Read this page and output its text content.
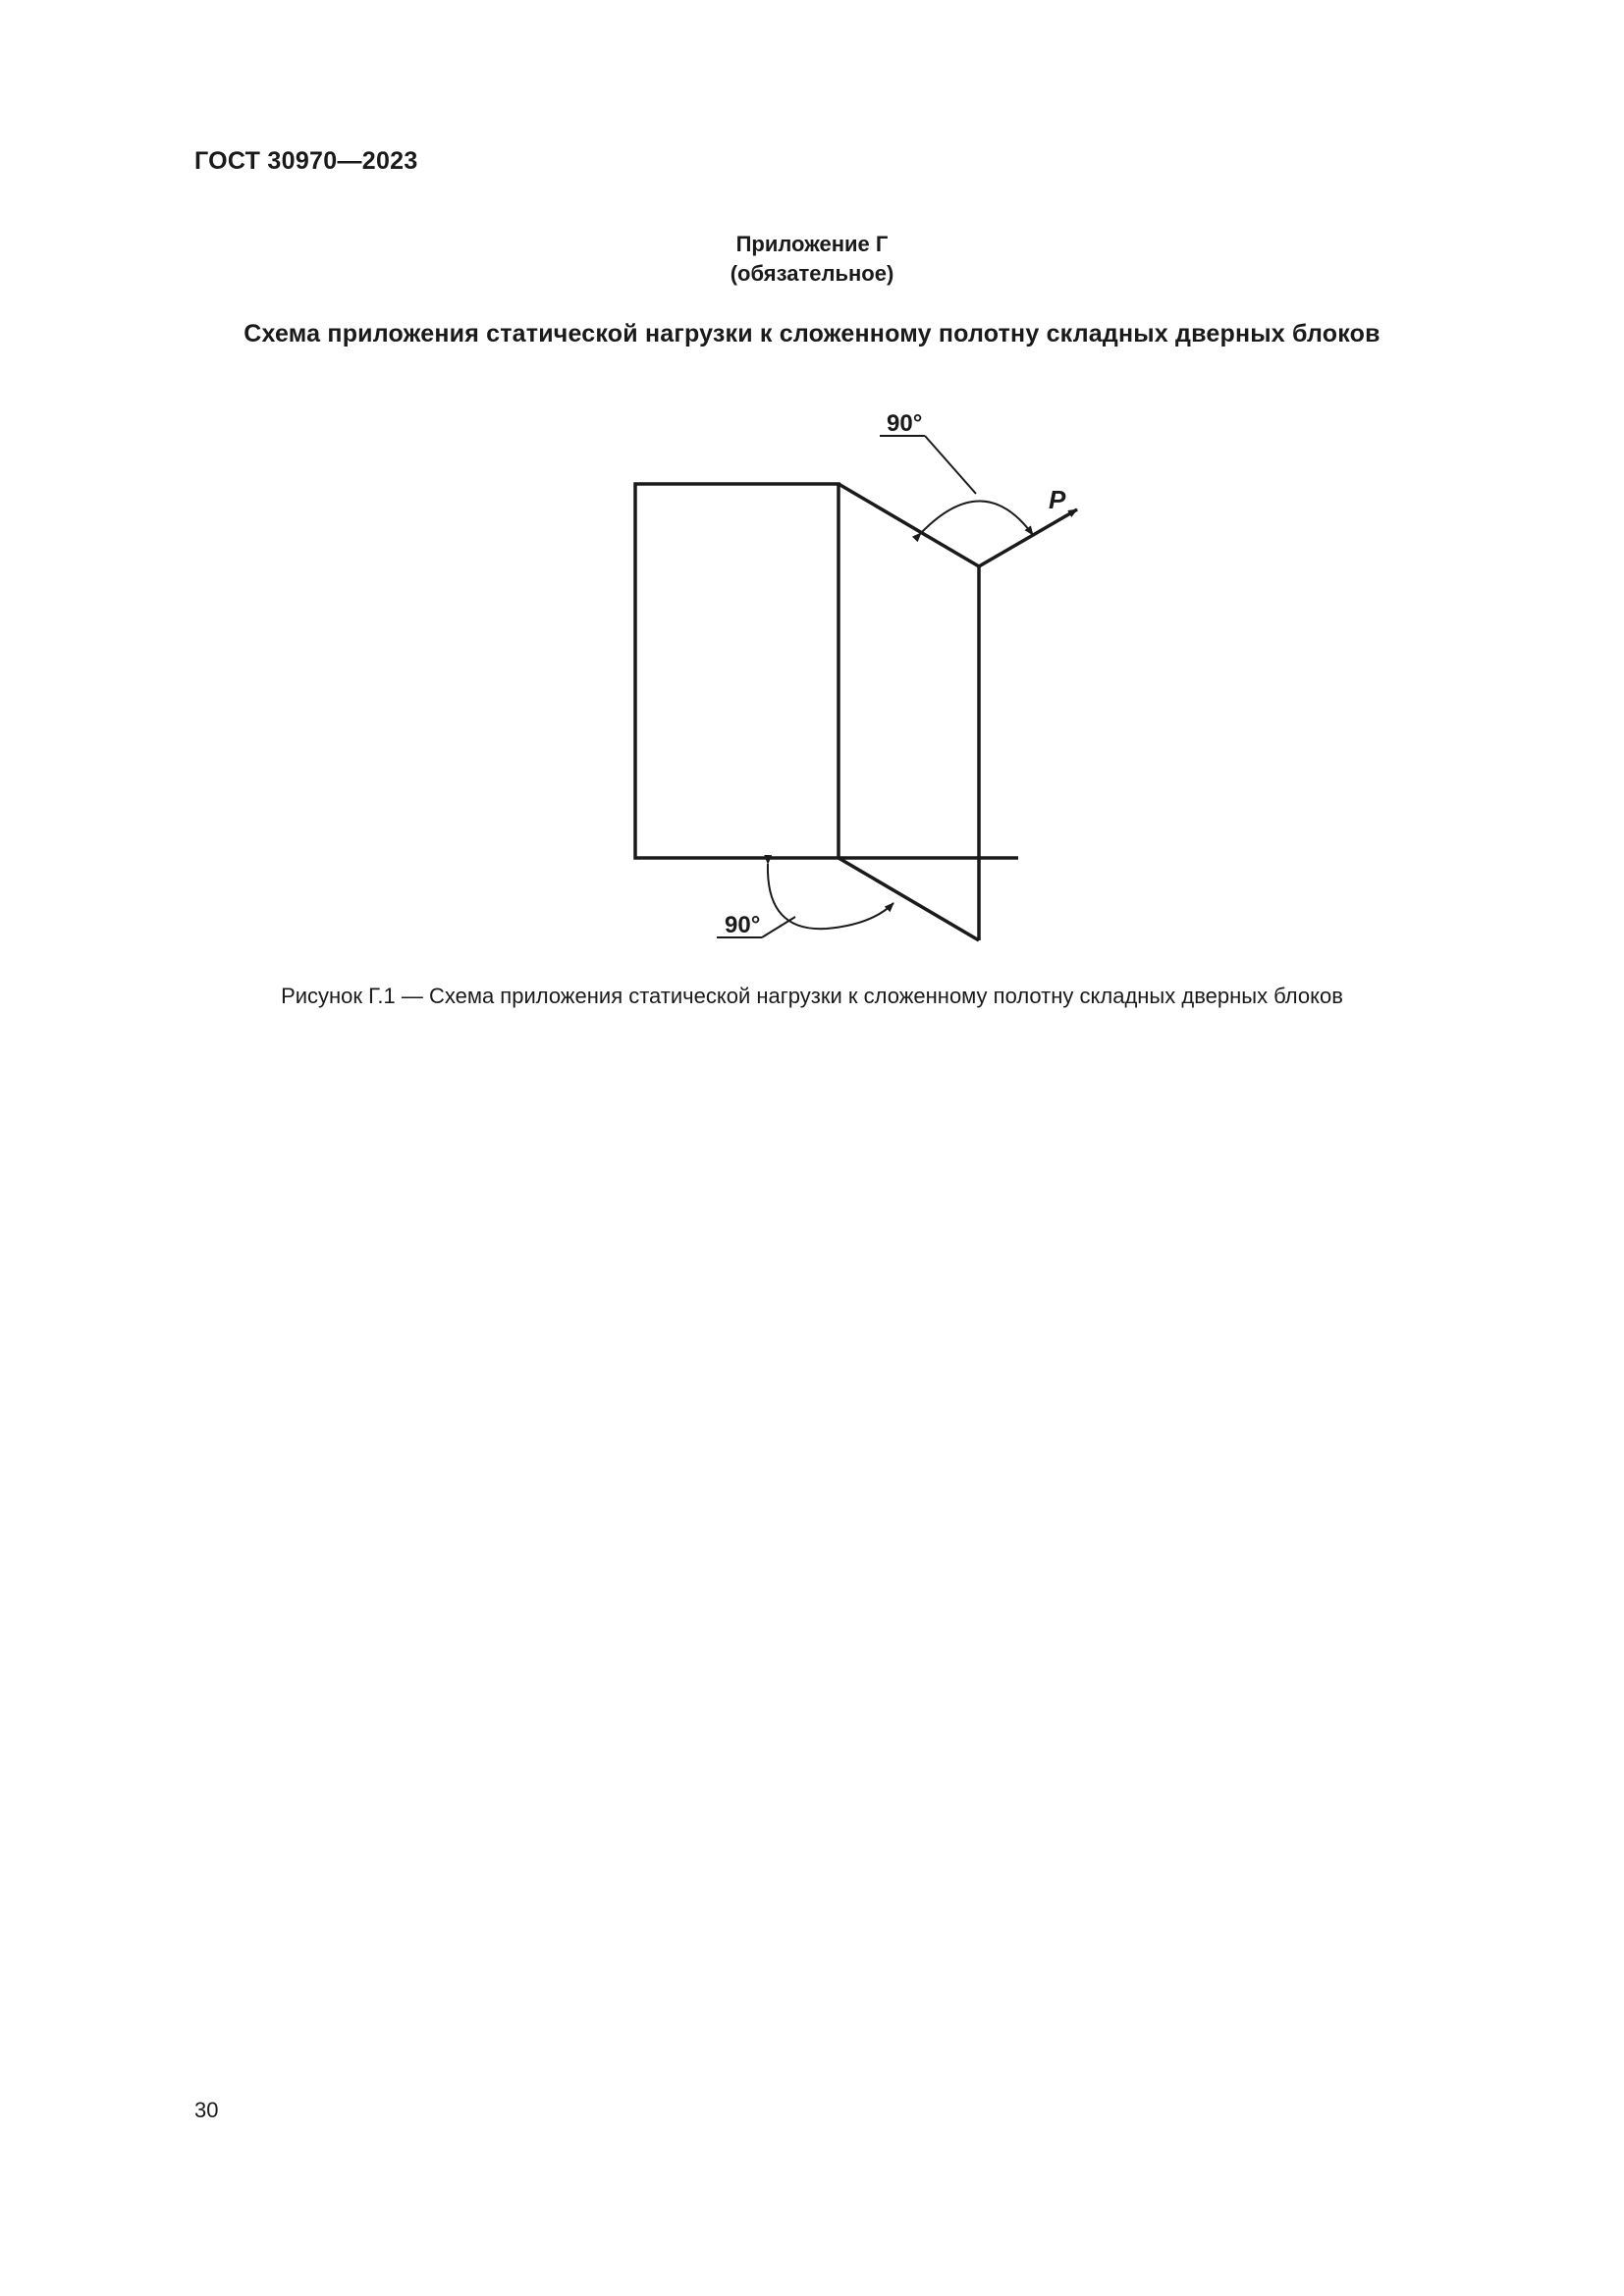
ГОСТ 30970—2023
Приложение Г
(обязательное)
Схема приложения статической нагрузки к сложенному полотну складных дверных блоков
P
90°
90°
Рисунок Г.1 — Схема приложения статической нагрузки к сложенному полотну складных дверных блоков
30
